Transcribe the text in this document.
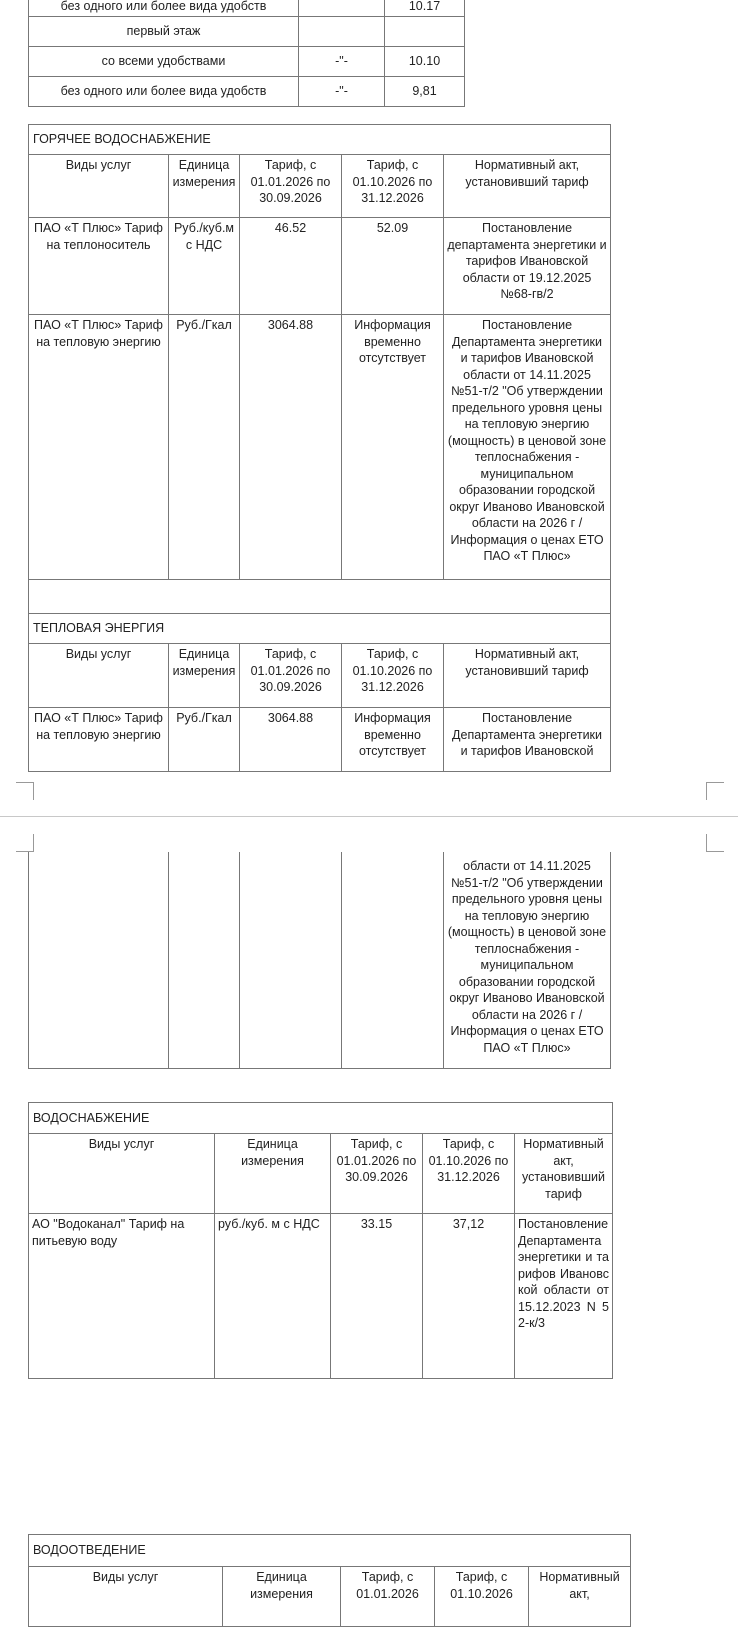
без одного или более вида удобств		10.17
первый этаж		
со всеми удобствами	-"-	10.10
без одного или более вида удобств	-"-	9,81
ГОРЯЧЕЕ ВОДОСНАБЖЕНИЕ				
Виды услуг	Единица измерения	Тариф, с 01.01.2026 по 30.09.2026	Тариф, с 01.10.2026 по 31.12.2026	Нормативный акт, установивший тариф
ПАО «Т Плюс» Тариф на теплоноситель	Руб./куб.м с НДС	46.52	52.09	Постановление департамента энергетики и тарифов Ивановской области от 19.12.2025 №68-гв/2
ПАО «Т Плюс» Тариф на тепловую энергию	Руб./Гкал	3064.88	Информация временно отсутствует	Постановление Департамента энергетики и тарифов Ивановской области от 14.11.2025 №51-т/2 "Об утверждении предельного уровня цены на тепловую энергию (мощность) в ценовой зоне теплоснабжения - муниципальном образовании городской округ Иваново Ивановской области на 2026 г / Информация о ценах ЕТО ПАО «Т Плюс»

ТЕПЛОВАЯ ЭНЕРГИЯ				
Виды услуг	Единица измерения	Тариф, с 01.01.2026 по 30.09.2026	Тариф, с 01.10.2026 по 31.12.2026	Нормативный акт, установивший тариф
ПАО «Т Плюс» Тариф на тепловую энергию	Руб./Гкал	3064.88	Информация временно отсутствует	Постановление Департамента энергетики и тарифов Ивановской
				области от 14.11.2025 №51-т/2 "Об утверждении предельного уровня цены на тепловую энергию (мощность) в ценовой зоне теплоснабжения - муниципальном образовании городской округ Иваново Ивановской области на 2026 г / Информация о ценах ЕТО ПАО «Т Плюс»
ВОДОСНАБЖЕНИЕ				
Виды услуг	Единица измерения	Тариф, с 01.01.2026 по 30.09.2026	Тариф, с 01.10.2026 по 31.12.2026	Нормативный акт, установивший тариф
АО "Водоканал" Тариф на питьевую воду	руб./куб. м с НДС	33.15	37,12	Постановление Департамента энергетики и тарифов Ивановской области от 15.12.2023 N 52-к/3
ВОДООТВЕДЕНИЕ
Виды услуг	Единица измерения	Тариф, с 01.01.2026	Тариф, с 01.10.2026	Нормативный акт,
